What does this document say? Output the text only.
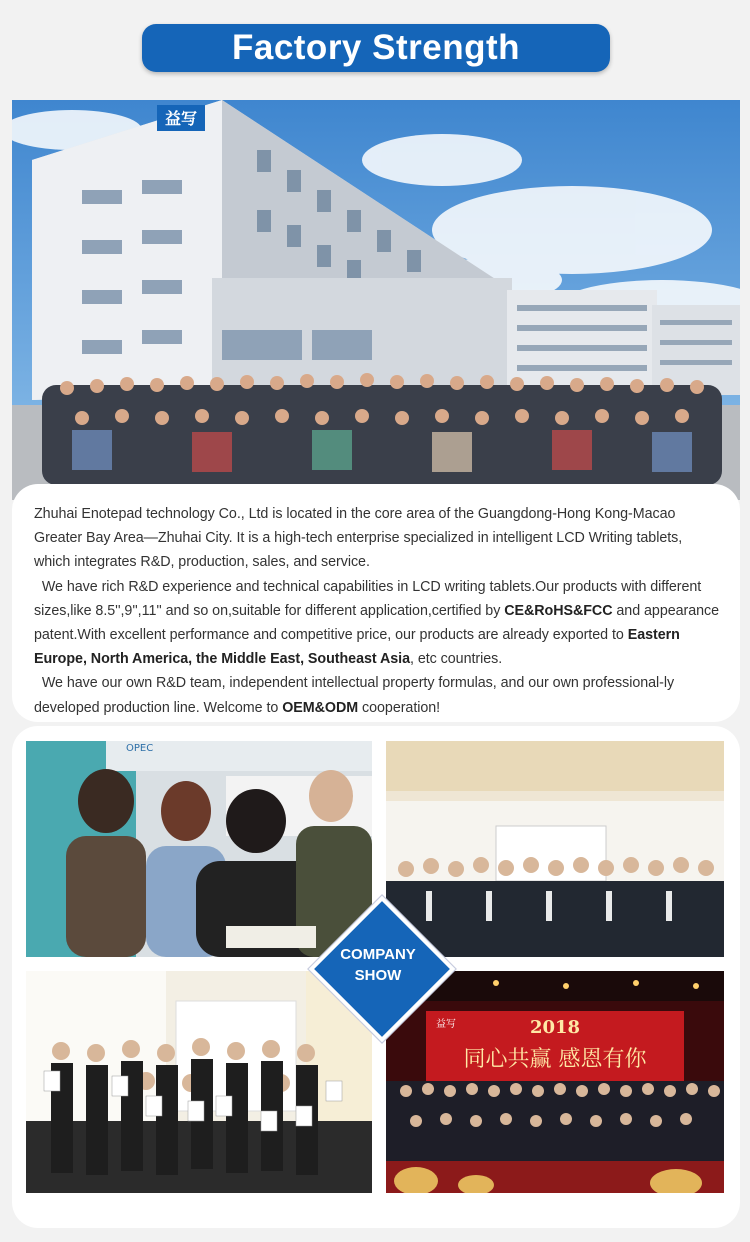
Factory Strength
益写

Zhuhai Enotepad technology Co., Ltd is located in the core area of the Guangdong-Hong Kong-Macao Greater Bay Area—Zhuhai City. It is a high-tech enterprise specialized in intelligent LCD Writing tablets, which integrates R&D, production, sales, and service.

We have rich R&D experience and technical capabilities in LCD writing tablets.Our products with different sizes,like 8.5'',9'',11'' and so on,suitable for different application,certified by CE&RoHS&FCC and appearance patent.With excellent performance and competitive price, our products are already exported to Eastern Europe, North America, the Middle East, Southeast Asia, etc countries.

We have our own R&D team, independent intellectual property formulas, and our own professional-ly developed production line. Welcome to OEM&ODM cooperation!

OPEC
益写	2018
同心共赢 感恩有你
COMPANY
SHOW
